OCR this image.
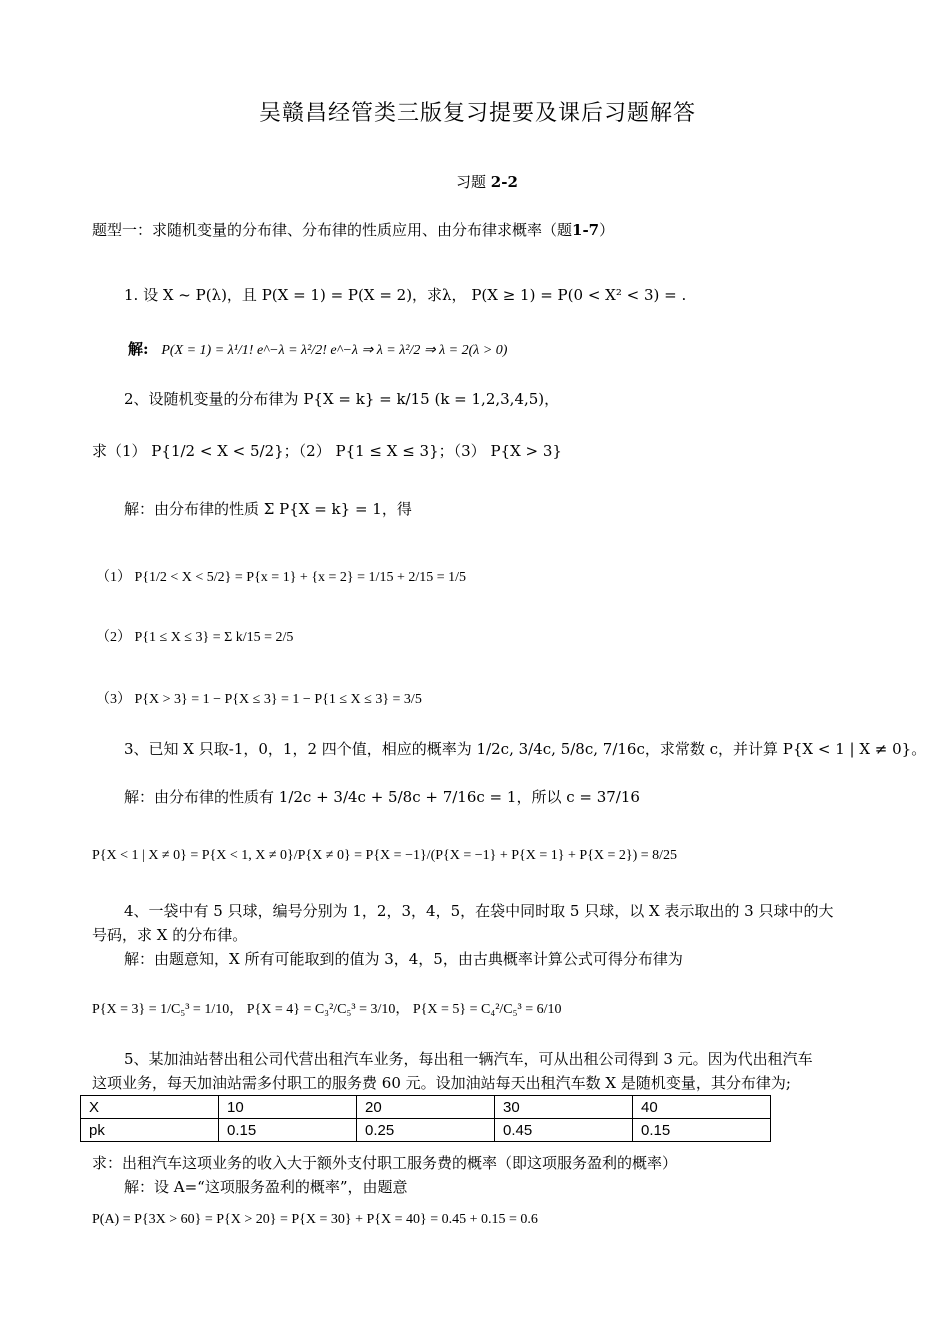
吴赣昌经管类三版复习提要及课后习题解答
习题 2-2
题型一：求随机变量的分布律、分布律的性质应用、由分布律求概率（题1-7）
1. 设 X ~ P(λ)，且 P(X = 1) = P(X = 2)，求λ， P(X ≥ 1) = P(0 < X² < 3) = .
解: P(X = 1) = λ¹/1! e^−λ = λ²/2! e^−λ ⇒ λ = λ²/2 ⇒ λ = 2(λ > 0)
2、设随机变量的分布律为 P{X = k} = k/15 (k = 1,2,3,4,5)，
求（1） P{1/2 < X < 5/2}；（2） P{1 ≤ X ≤ 3}；（3） P{X > 3}
解：由分布律的性质 Σ P{X = k} = 1，得
（1） P{1/2 < X < 5/2} = P{x = 1} + {x = 2} = 1/15 + 2/15 = 1/5
（2） P{1 ≤ X ≤ 3} = Σ k/15 = 2/5
（3） P{X > 3} = 1 − P{X ≤ 3} = 1 − P{1 ≤ X ≤ 3} = 3/5
3、已知 X 只取-1，0，1，2 四个值，相应的概率为 1/2c, 3/4c, 5/8c, 7/16c，求常数 c，并计算 P{X < 1 | X ≠ 0}。
解：由分布律的性质有 1/2c + 3/4c + 5/8c + 7/16c = 1，所以 c = 37/16
P{X < 1 | X ≠ 0} = P{X < 1, X ≠ 0}/P{X ≠ 0} = P{X = −1}/(P{X = −1} + P{X = 1} + P{X = 2}) = 8/25
4、一袋中有 5 只球，编号分别为 1，2，3，4，5，在袋中同时取 5 只球，以 X 表示取出的 3 只球中的大
号码，求 X 的分布律。
解：由题意知，X 所有可能取到的值为 3，4，5，由古典概率计算公式可得分布律为
P{X = 3} = 1/C₅³ = 1/10， P{X = 4} = C₃²/C₅³ = 3/10， P{X = 5} = C₄²/C₅³ = 6/10
5、某加油站替出租公司代营出租汽车业务，每出租一辆汽车，可从出租公司得到 3 元。因为代出租汽车
这项业务，每天加油站需多付职工的服务费 60 元。设加油站每天出租汽车数 X 是随机变量，其分布律为;
X	10	20	30	40
pk	0.15	0.25	0.45	0.15
求：出租汽车这项业务的收入大于额外支付职工服务费的概率（即这项服务盈利的概率）
解：设 A=“这项服务盈利的概率”，由题意
P(A) = P{3X > 60} = P{X > 20} = P{X = 30} + P{X = 40} = 0.45 + 0.15 = 0.6
